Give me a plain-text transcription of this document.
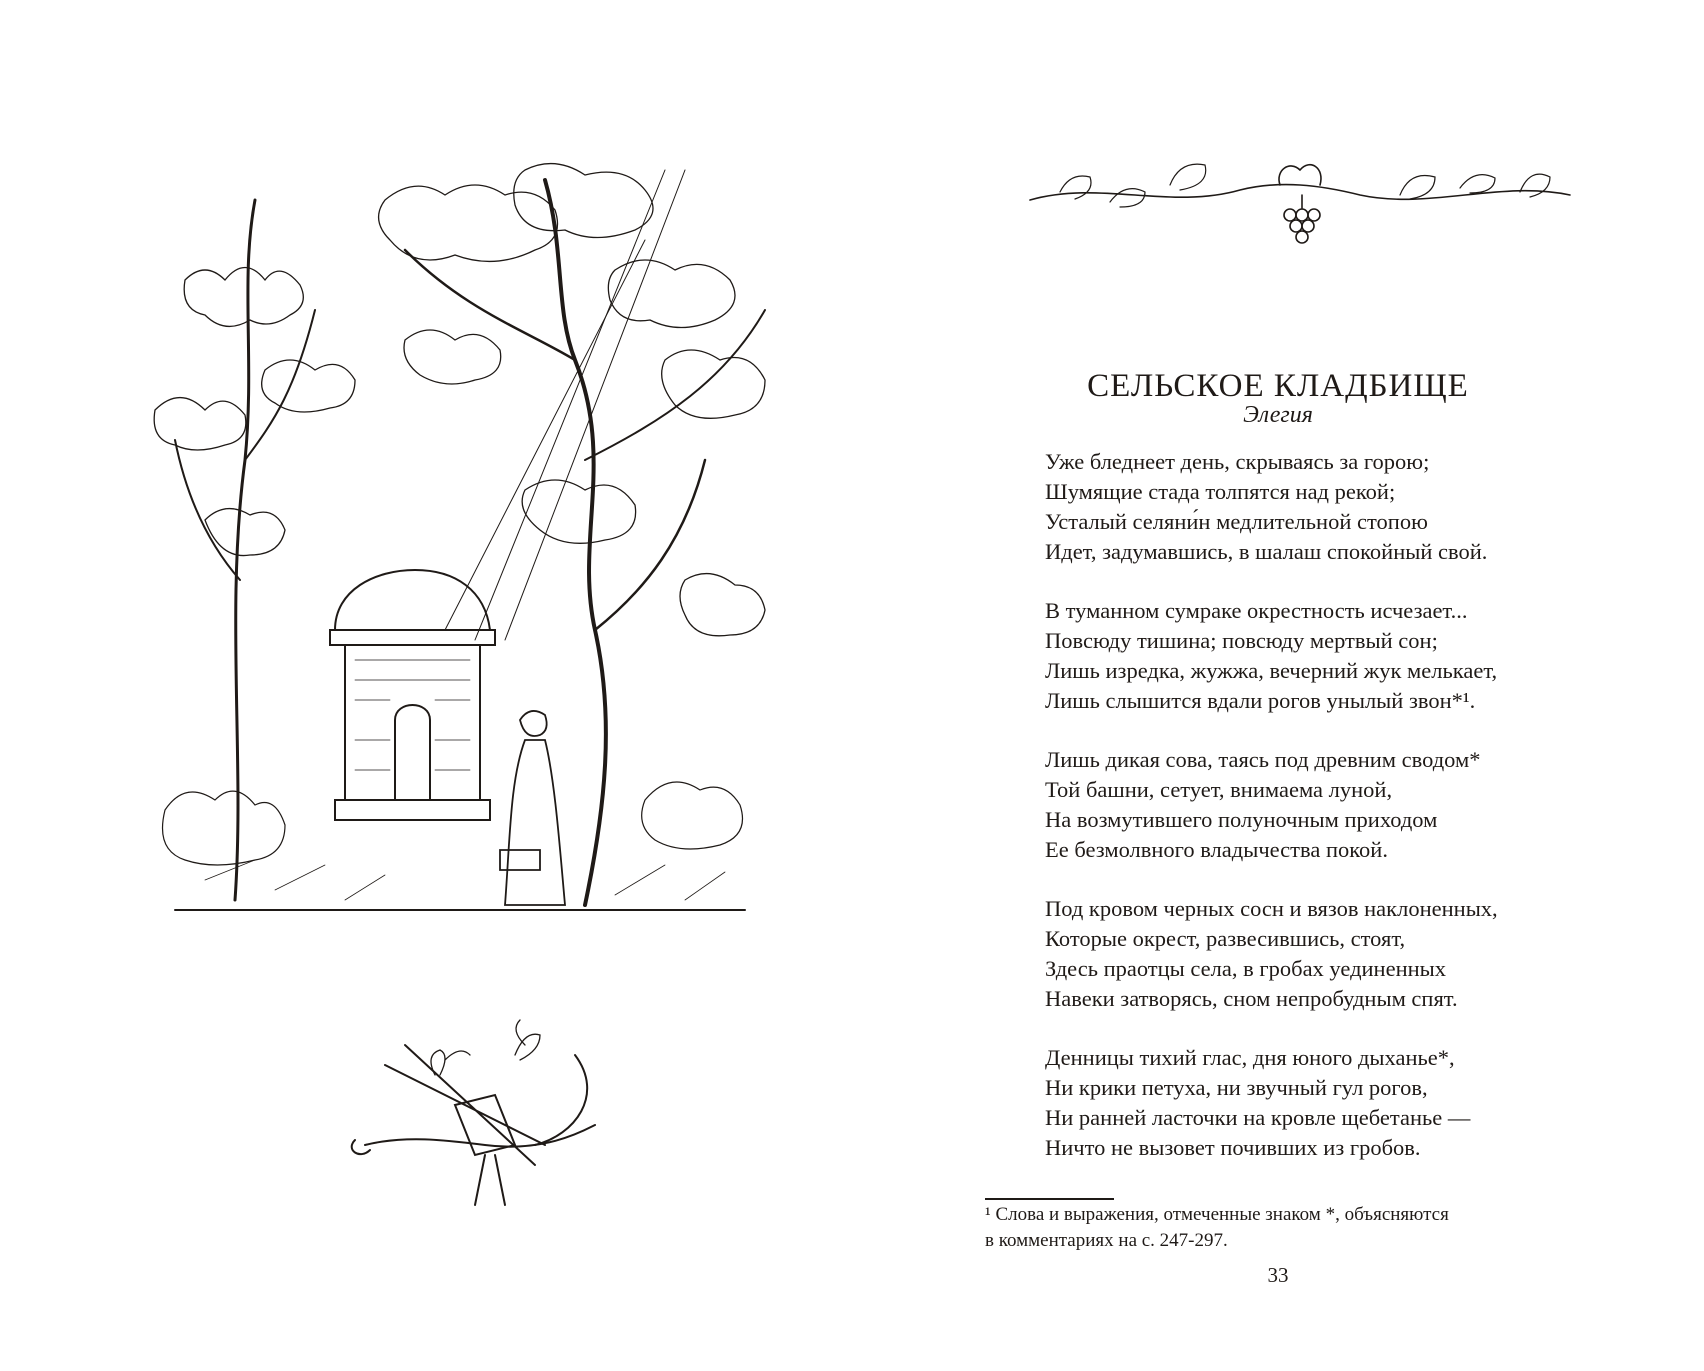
СЕЛЬСКОЕ КЛАДБИЩЕ
Элегия
Уже бледнеет день, скрываясь за горою;
Шумящие стада толпятся над рекой;
Усталый селяни́н медлительной стопою
Идет, задумавшись, в шалаш спокойный свой.
В туманном сумраке окрестность исчезает...
Повсюду тишина; повсюду мертвый сон;
Лишь изредка, жужжа, вечерний жук мелькает,
Лишь слышится вдали рогов унылый звон*¹.
Лишь дикая сова, таясь под древним сводом*
Той башни, сетует, внимаема луной,
На возмутившего полуночным приходом
Ее безмолвного владычества покой.
Под кровом черных сосн и вязов наклоненных,
Которые окрест, развесившись, стоят,
Здесь праотцы села, в гробах уединенных
Навеки затворясь, сном непробудным спят.
Денницы тихий глас, дня юного дыханье*,
Ни крики петуха, ни звучный гул рогов,
Ни ранней ласточки на кровле щебетанье —
Ничто не вызовет почивших из гробов.
¹ Слова и выражения, отмеченные знаком *, объясняются
в комментариях на с. 247-297.
33
